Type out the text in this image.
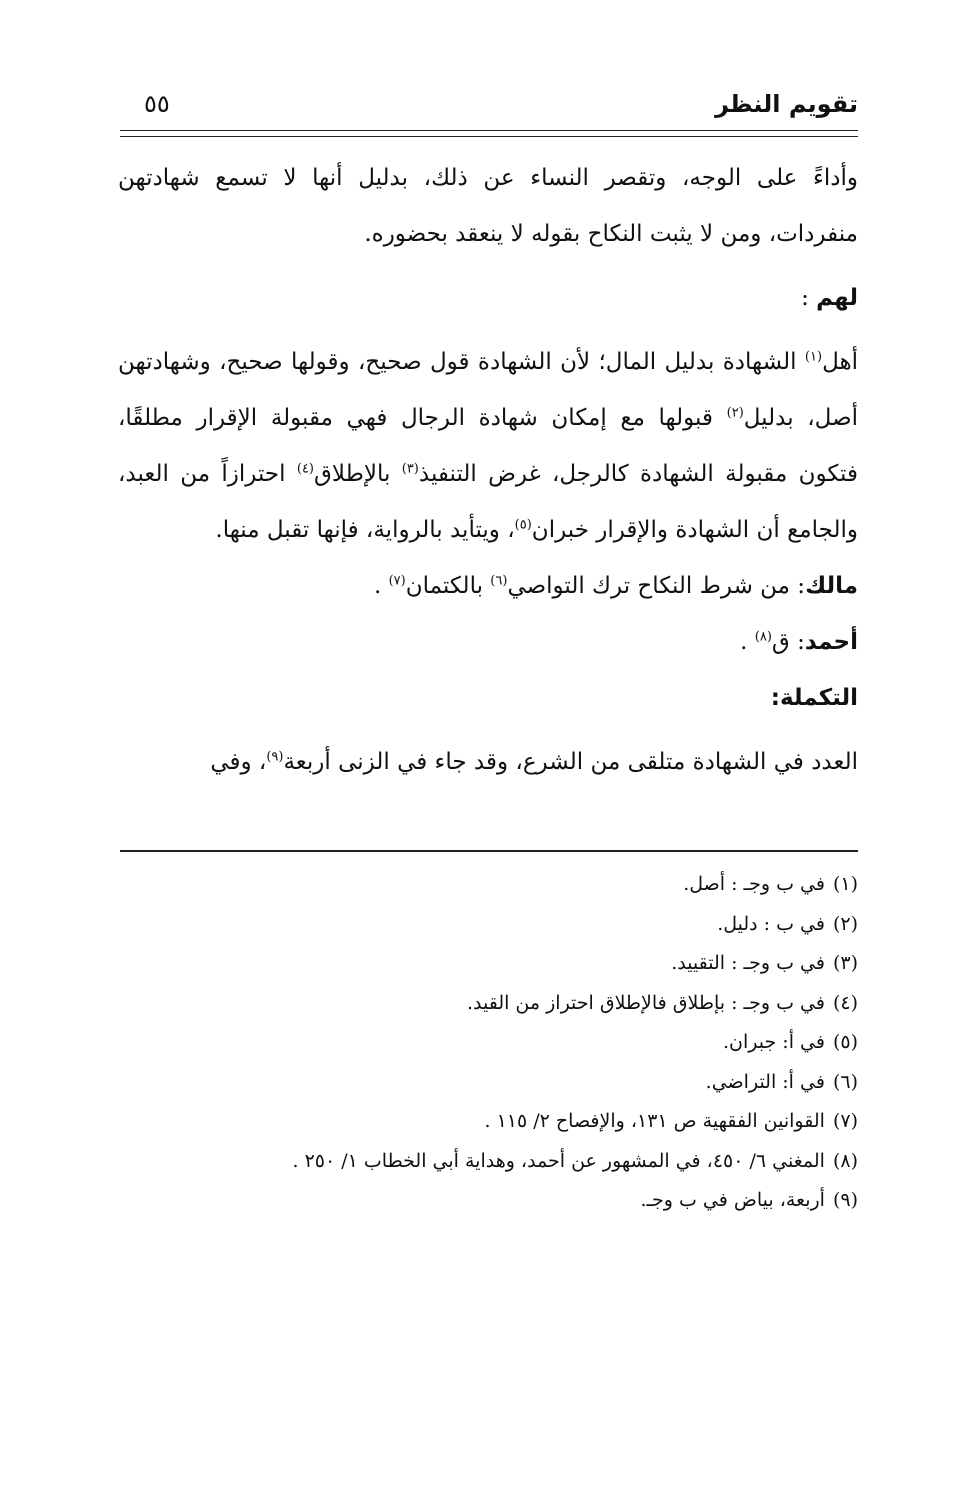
تقويم النظر
٥٥

وأداءً على الوجه، وتقصر النساء عن ذلك، بدليل أنها لا تسمع شهادتهن منفردات، ومن لا يثبت النكاح بقوله لا ينعقد بحضوره.

لهم :

أهل$^{(١)}$ الشهادة بدليل المال؛ لأن الشهادة قول صحيح، وقولها صحيح، وشهادتهن أصل، بدليل$^{(٢)}$ قبولها مع إمكان شهادة الرجال فهي مقبولة الإقرار مطلقًا، فتكون مقبولة الشهادة كالرجل، غرض التنفيذ$^{(٣)}$ بالإطلاق$^{(٤)}$ احترازاً من العبد، والجامع أن الشهادة والإقرار خبران$^{(٥)}$، ويتأيد بالرواية، فإنها تقبل منها.

مالك: من شرط النكاح ترك التواصي$^{(٦)}$ بالكتمان$^{(٧)}$ .

أحمد: ق$^{(٨)}$ .

التكملة:

العدد في الشهادة متلقى من الشرع، وقد جاء في الزنى أربعة$^{(٩)}$، وفي

(١)في ب وجـ : أصل.

(٢)في ب : دليل.

(٣)في ب وجـ : التقييد.

(٤)في ب وجـ : بإطلاق فالإطلاق احتراز من القيد.

(٥)في أ: جبران.

(٦)في أ: التراضي.

(٧)القوانين الفقهية ص ١٣١، والإفصاح ٢/ ١١٥ .

(٨)المغني ٦/ ٤٥٠، في المشهور عن أحمد، وهداية أبي الخطاب ١/ ٢٥٠ .

(٩)أربعة، بياض في ب وجـ.
